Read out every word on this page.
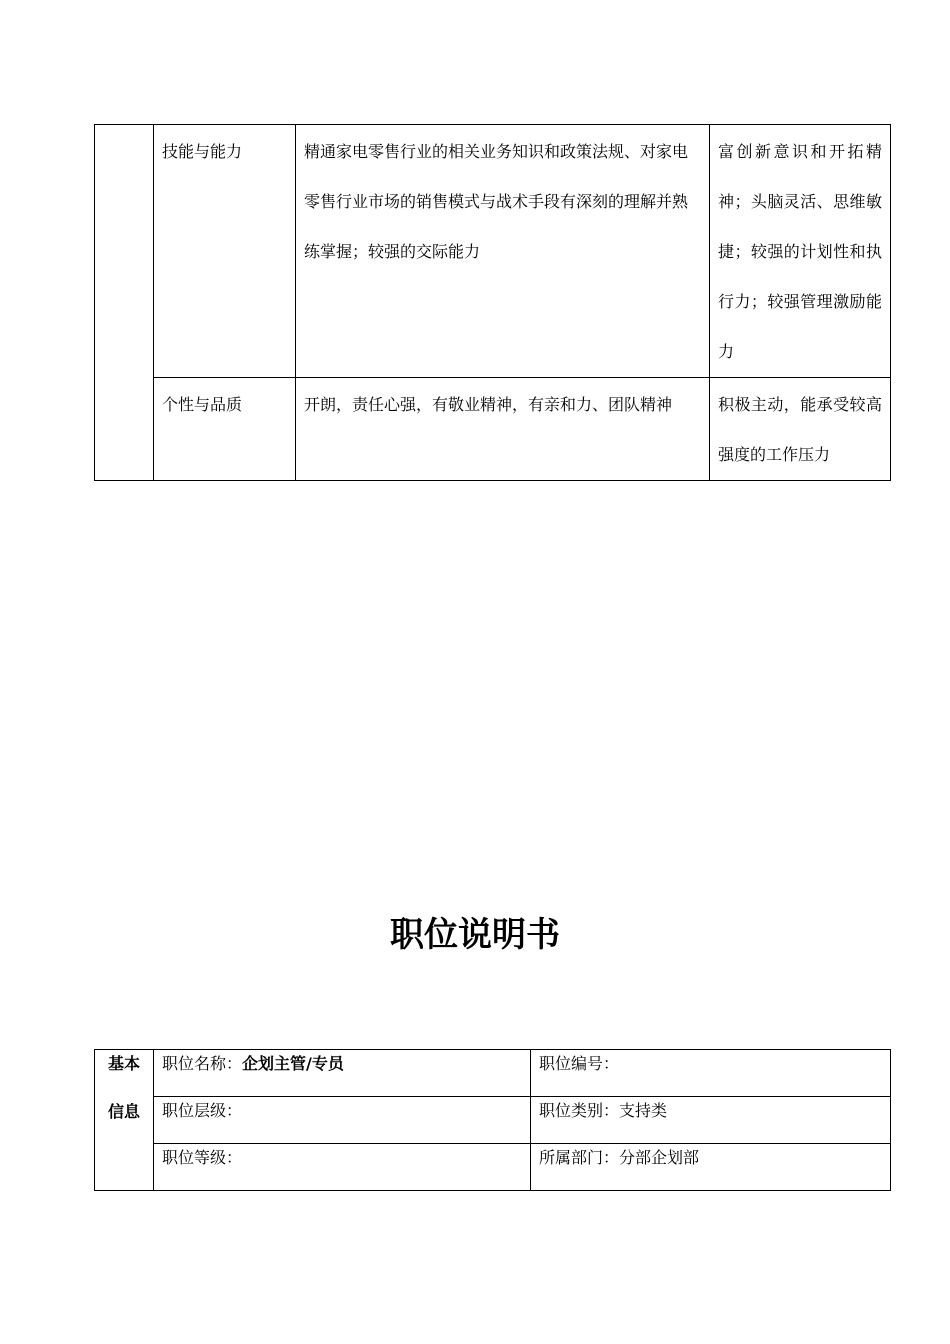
	技能与能力	精通家电零售行业的相关业务知识和政策法规、对家电零售行业市场的销售模式与战术手段有深刻的理解并熟练掌握；较强的交际能力	富创新意识和开拓精神；头脑灵活、思维敏捷；较强的计划性和执行力；较强管理激励能力
	个性与品质	开朗，责任心强，有敬业精神，有亲和力、团队精神	积极主动，能承受较高强度的工作压力
职位说明书
基本
信息	职位名称：企划主管/专员	职位编号：
	职位层级：	职位类别：支持类
	职位等级：	所属部门：分部企划部
